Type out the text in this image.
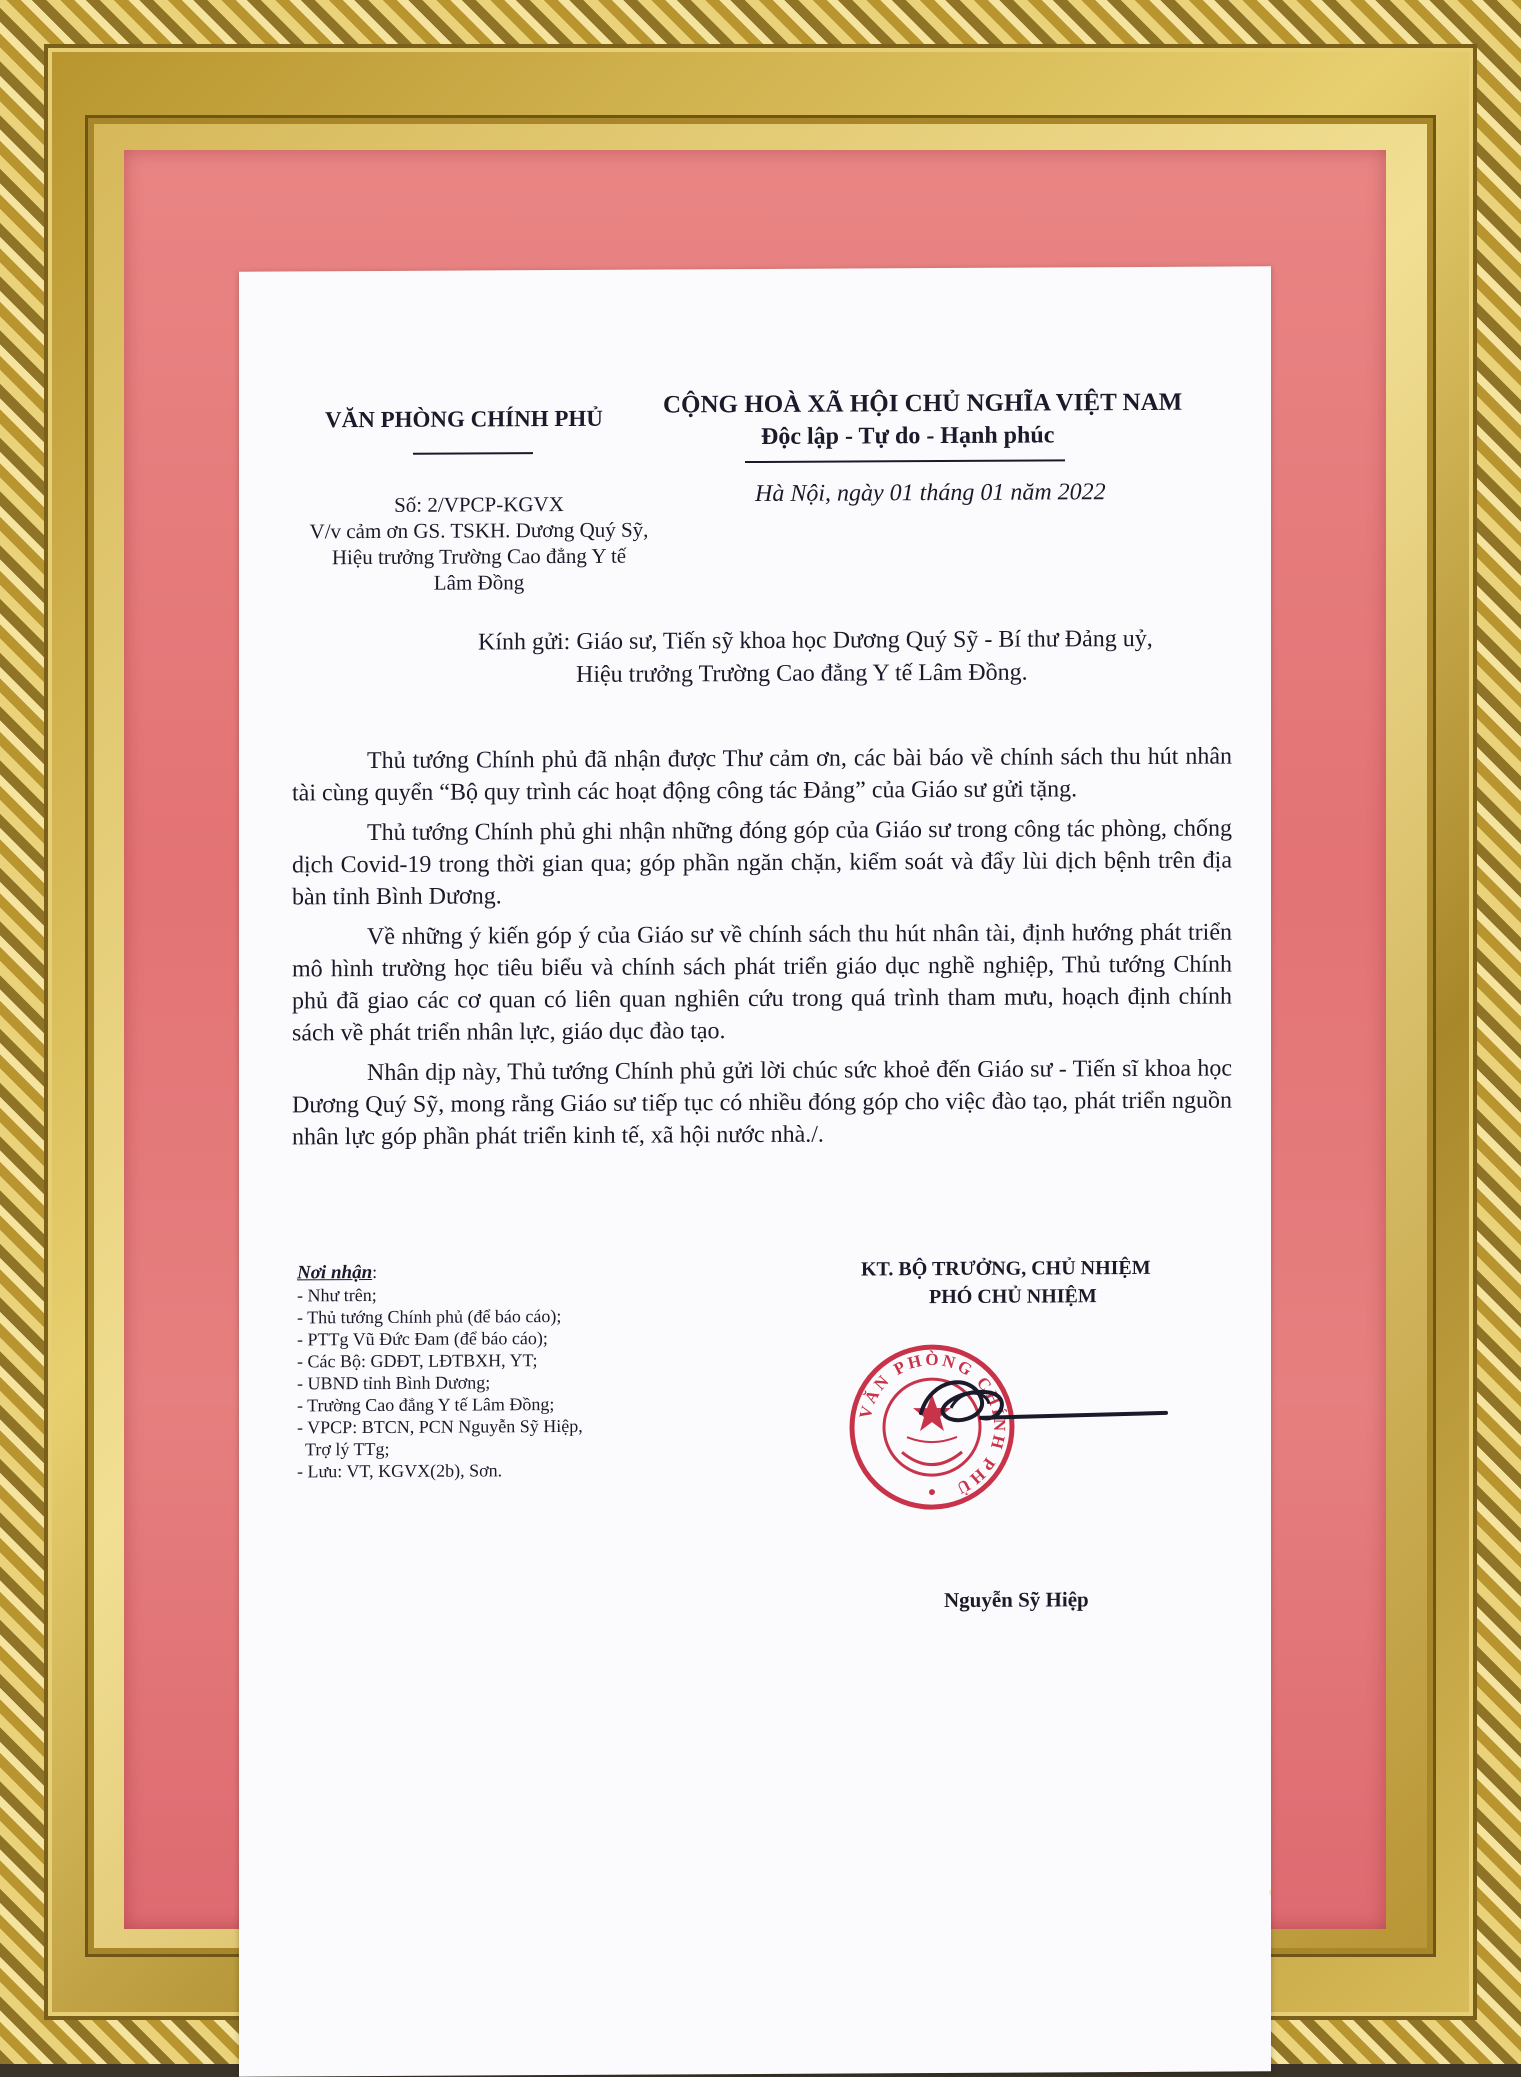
VĂN PHÒNG CHÍNH PHỦ
CỘNG HOÀ XÃ HỘI CHỦ NGHĨA VIỆT NAM
Độc lập - Tự do - Hạnh phúc
Hà Nội, ngày 01 tháng 01 năm 2022
Số: 2/VPCP-KGVX
V/v cảm ơn GS. TSKH. Dương Quý Sỹ,
Hiệu trưởng Trường Cao đẳng Y tế
Lâm Đồng
Kính gửi: Giáo sư, Tiến sỹ khoa học Dương Quý Sỹ - Bí thư Đảng uỷ,
Hiệu trưởng Trường Cao đẳng Y tế Lâm Đồng.

Thủ tướng Chính phủ đã nhận được Thư cảm ơn, các bài báo về chính sách thu hút nhân tài cùng quyển “Bộ quy trình các hoạt động công tác Đảng” của Giáo sư gửi tặng.

Thủ tướng Chính phủ ghi nhận những đóng góp của Giáo sư trong công tác phòng, chống dịch Covid-19 trong thời gian qua; góp phần ngăn chặn, kiểm soát và đẩy lùi dịch bệnh trên địa bàn tỉnh Bình Dương.

Về những ý kiến góp ý của Giáo sư về chính sách thu hút nhân tài, định hướng phát triển mô hình trường học tiêu biểu và chính sách phát triển giáo dục nghề nghiệp, Thủ tướng Chính phủ đã giao các cơ quan có liên quan nghiên cứu trong quá trình tham mưu, hoạch định chính sách về phát triển nhân lực, giáo dục đào tạo.

Nhân dịp này, Thủ tướng Chính phủ gửi lời chúc sức khoẻ đến Giáo sư - Tiến sĩ khoa học Dương Quý Sỹ, mong rằng Giáo sư tiếp tục có nhiều đóng góp cho việc đào tạo, phát triển nguồn nhân lực góp phần phát triển kinh tế, xã hội nước nhà./.

Nơi nhận:
- Như trên;
- Thủ tướng Chính phủ (để báo cáo);
- PTTg Vũ Đức Đam (để báo cáo);
- Các Bộ: GDĐT, LĐTBXH, YT;
- UBND tỉnh Bình Dương;
- Trường Cao đẳng Y tế Lâm Đồng;
- VPCP: BTCN, PCN Nguyễn Sỹ Hiệp,
Trợ lý TTg;
- Lưu: VT, KGVX(2b), Sơn.
KT. BỘ TRƯỞNG, CHỦ NHIỆM
PHÓ CHỦ NHIỆM
VĂN PHÒNG CHÍNH PHỦ
Nguyễn Sỹ Hiệp
